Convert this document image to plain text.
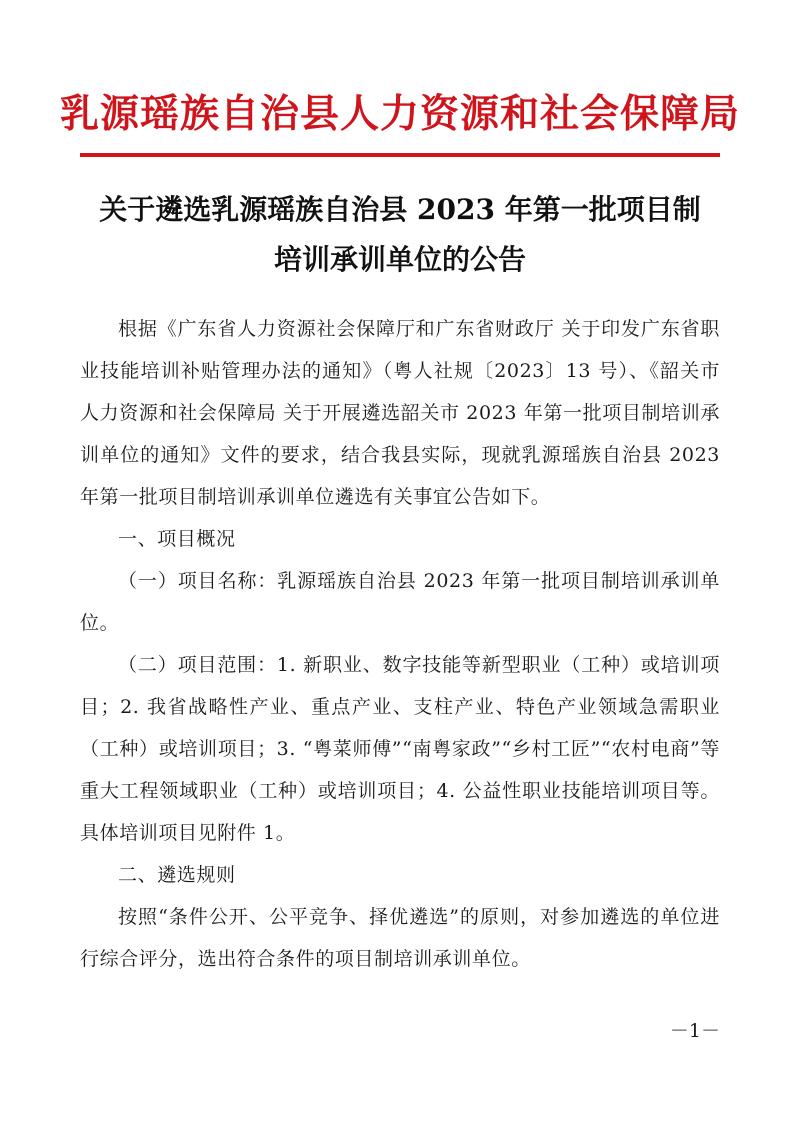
乳源瑶族自治县人力资源和社会保障局
关于遴选乳源瑶族自治县 2023 年第一批项目制
培训承训单位的公告

根据《广东省人力资源社会保障厅和广东省财政厅 关于印发广东省职业技能培训补贴管理办法的通知》（粤人社规〔2023〕13 号）、《韶关市人力资源和社会保障局 关于开展遴选韶关市 2023 年第一批项目制培训承训单位的通知》文件的要求，结合我县实际，现就乳源瑶族自治县 2023 年第一批项目制培训承训单位遴选有关事宜公告如下。

一、项目概况

（一）项目名称：乳源瑶族自治县 2023 年第一批项目制培训承训单位。

（二）项目范围：1. 新职业、数字技能等新型职业（工种）或培训项目；2. 我省战略性产业、重点产业、支柱产业、特色产业领域急需职业（工种）或培训项目；3. “粤菜师傅”“南粤家政”“乡村工匠”“农村电商”等重大工程领域职业（工种）或培训项目；4. 公益性职业技能培训项目等。具体培训项目见附件 1。

二、遴选规则

按照“条件公开、公平竞争、择优遴选”的原则，对参加遴选的单位进行综合评分，选出符合条件的项目制培训承训单位。

－1－
